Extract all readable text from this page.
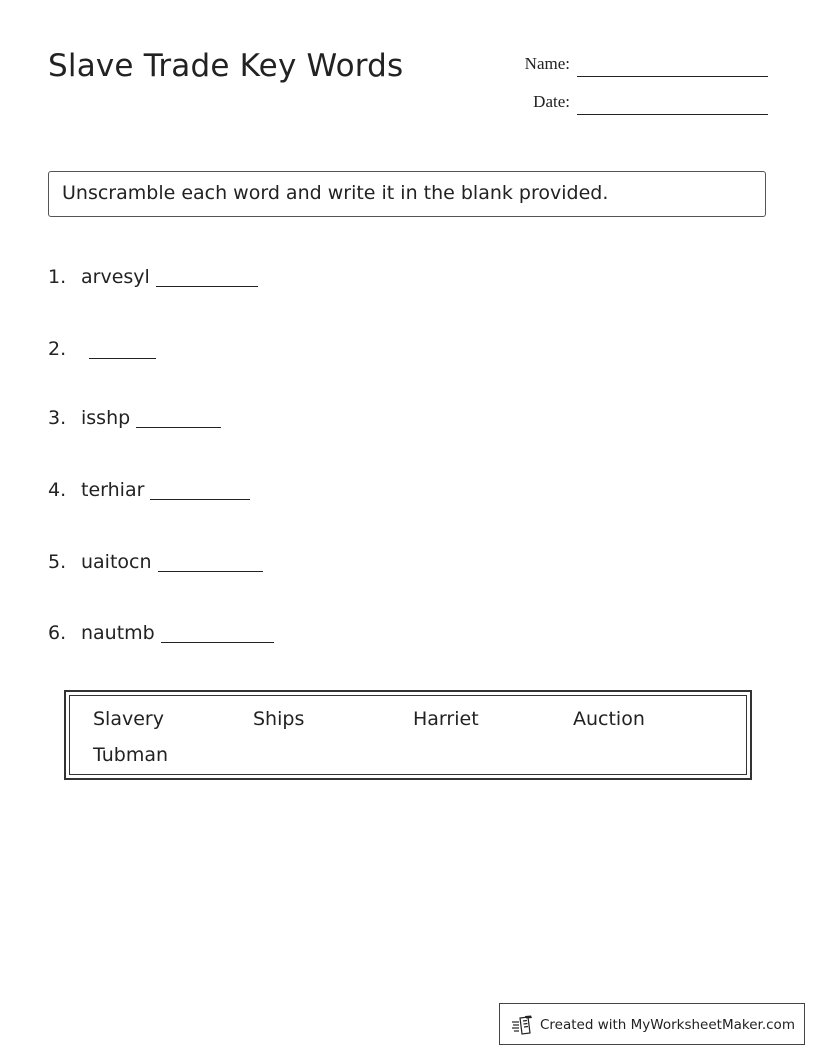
Slave Trade Key Words	Name:
Date:
Unscramble each word and write it in the blank provided.
1. arvesyl
2.
3. isshp
4. terhiar
5. uaitocn
6. nautmb
Slavery	Ships	Harriet	Auction
Tubman
Created with MyWorksheetMaker.com
